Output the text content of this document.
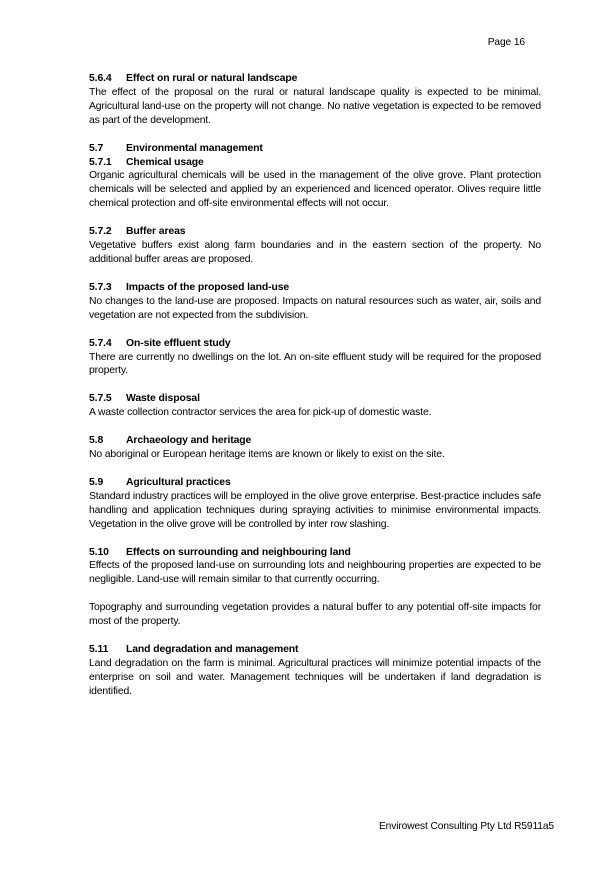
Page 16
5.6.4	Effect on rural or natural landscape

The effect of the proposal on the rural or natural landscape quality is expected to be minimal. Agricultural land-use on the property will not change. No native vegetation is expected to be removed as part of the development.

5.7	Environmental management
5.7.1	Chemical usage

Organic agricultural chemicals will be used in the management of the olive grove. Plant protection chemicals will be selected and applied by an experienced and licenced operator. Olives require little chemical protection and off-site environmental effects will not occur.

5.7.2	Buffer areas

Vegetative buffers exist along farm boundaries and in the eastern section of the property. No additional buffer areas are proposed.

5.7.3	Impacts of the proposed land-use

No changes to the land-use are proposed. Impacts on natural resources such as water, air, soils and vegetation are not expected from the subdivision.

5.7.4	On-site effluent study

There are currently no dwellings on the lot. An on-site effluent study will be required for the proposed property.

5.7.5	Waste disposal

A waste collection contractor services the area for pick-up of domestic waste.

5.8	Archaeology and heritage

No aboriginal or European heritage items are known or likely to exist on the site.

5.9	Agricultural practices

Standard industry practices will be employed in the olive grove enterprise. Best-practice includes safe handling and application techniques during spraying activities to minimise environmental impacts. Vegetation in the olive grove will be controlled by inter row slashing.

5.10	Effects on surrounding and neighbouring land

Effects of the proposed land-use on surrounding lots and neighbouring properties are expected to be negligible. Land-use will remain similar to that currently occurring.

Topography and surrounding vegetation provides a natural buffer to any potential off-site impacts for most of the property.

5.11	Land degradation and management

Land degradation on the farm is minimal. Agricultural practices will minimize potential impacts of the enterprise on soil and water. Management techniques will be undertaken if land degradation is identified.

Envirowest Consulting Pty Ltd R5911a5
